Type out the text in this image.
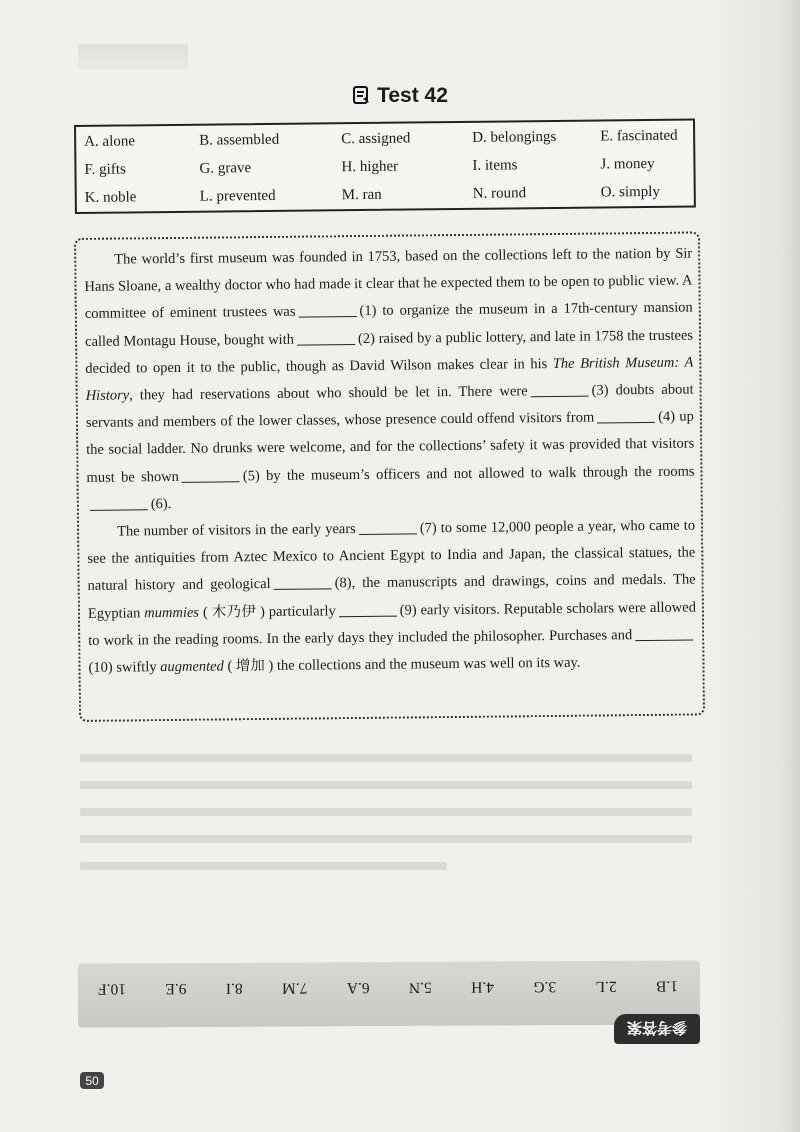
Test 42
A. alone	B. assembled	C. assigned	D. belongings	E. fascinated
F. gifts	G. grave	H. higher	I. items	J. money
K. noble	L. prevented	M. ran	N. round	O. simply

The world’s first museum was founded in 1753, based on the collections left to the nation by Sir Hans Sloane, a wealthy doctor who had made it clear that he expected them to be open to public view. A committee of eminent trustees was	(1) to organize the museum in a 17th-century mansion called Montagu House, bought with	(2) raised by a public lottery, and late in 1758 the trustees decided to open it to the public, though as David Wilson makes clear in his The British Museum: A History, they had reservations about who should be let in. There were	(3) doubts about servants and members of the lower classes, whose presence could offend visitors from	(4) up the social ladder. No drunks were welcome, and for the collections’ safety it was provided that visitors must be shown	(5) by the museum’s officers and not allowed to walk through the rooms(6).

The number of visitors in the early years	(7) to some 12,000 people a year, who came to see the antiquities from Aztec Mexico to Ancient Egypt to India and Japan, the classical statues, the natural history and geological	(8), the manuscripts and drawings, coins and medals. The Egyptian mummies ( 木乃伊 ) particularly	(9) early visitors. Reputable scholars were allowed to work in the reading rooms. In the early days they included the philosopher. Purchases and(10) swiftly augmented ( 增加 ) the collections and the museum was well on its way.

1.B
2.L
3.G
4.H
5.N
6.A
7.M
8.I
9.E
10.F
参考答案
50
